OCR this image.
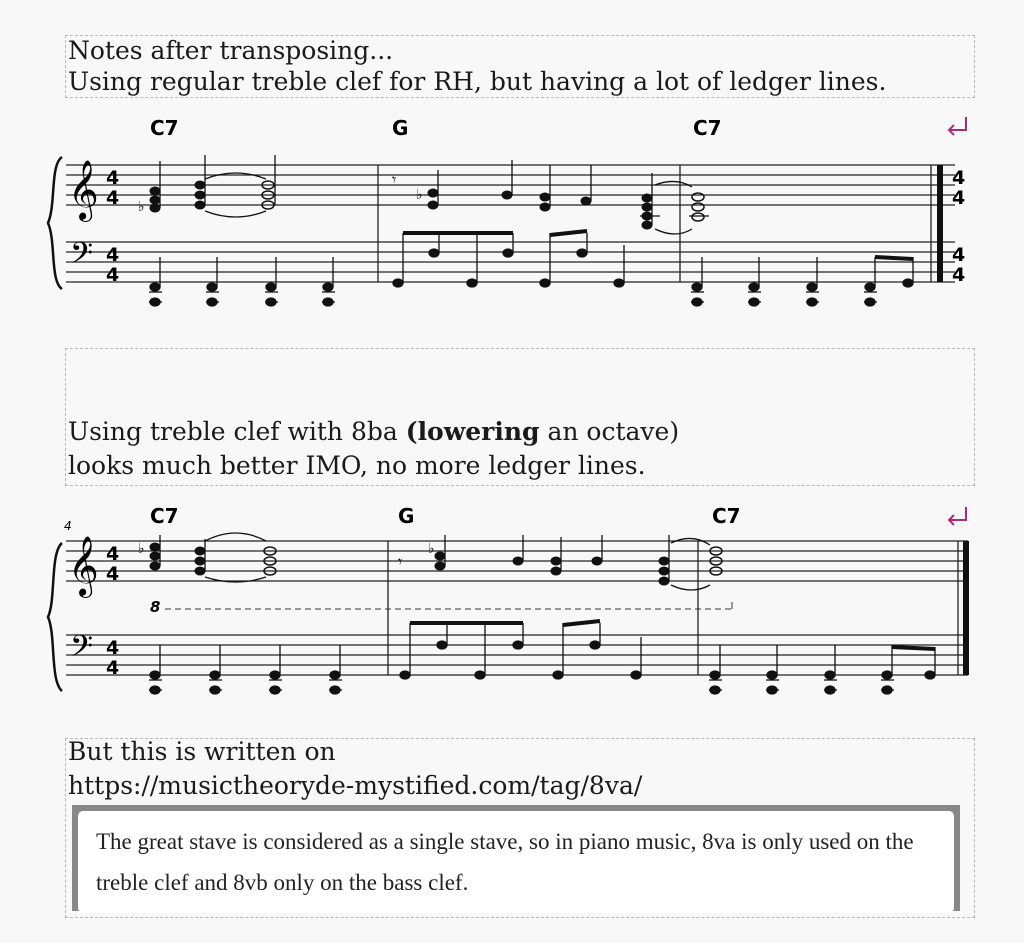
Notes after transposing...
Using regular treble clef for RH, but having a lot of ledger lines.
C7	G	C7
𝄞
𝄢
4
4
4
4
4
4
4
4
♭
𝄾
♭
Using treble clef with 8ba (lowering an octave)
looks much better IMO, no more ledger lines.
4	C7	G	C7
𝄞
𝄢
4
4
4
4
8
♭
𝄾
♭
But this is written on
https://musictheoryde-mystified.com/tag/8va/
The great stave is considered as a single stave, so in piano music, 8va is only used on the treble clef and 8vb only on the bass clef.
